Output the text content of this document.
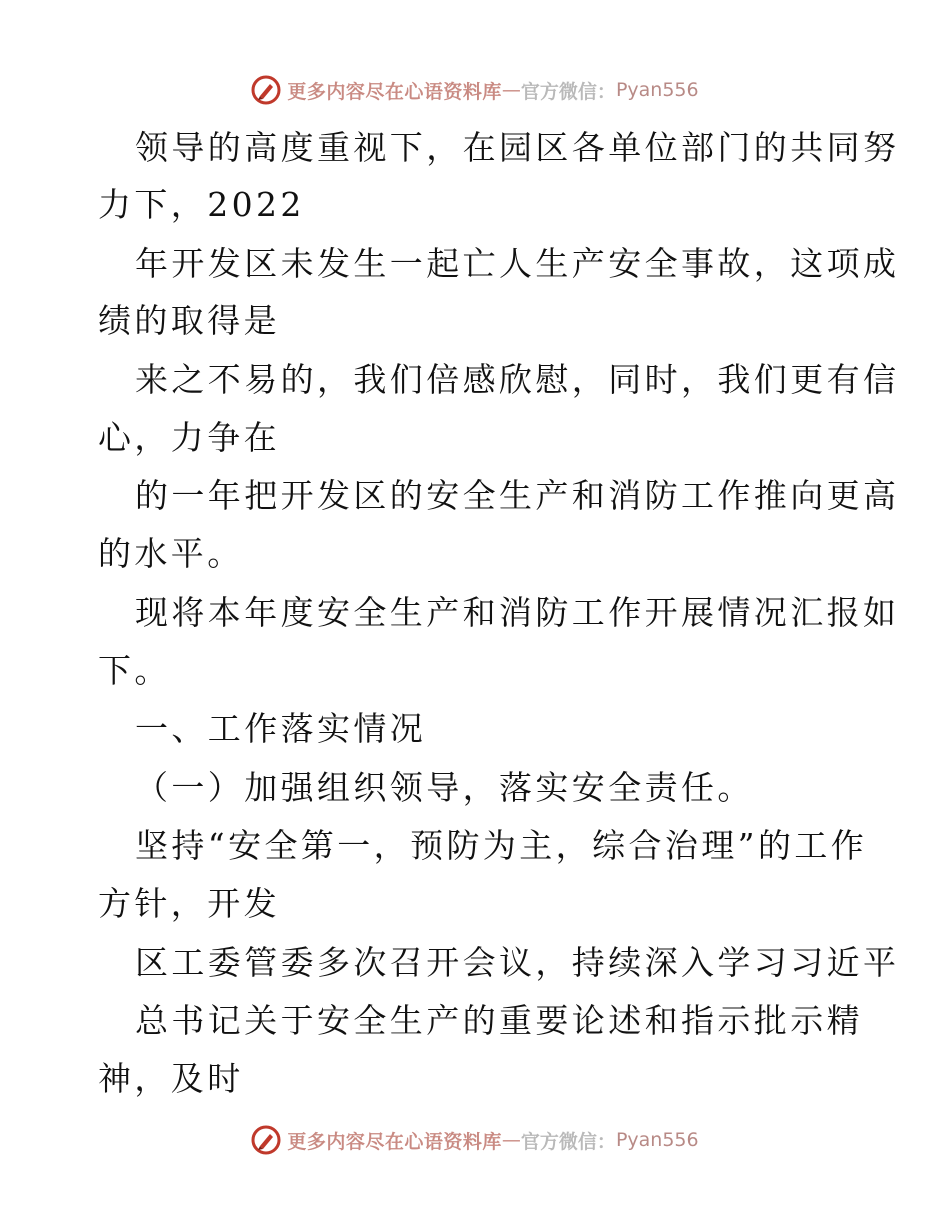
更多内容尽在心语资料库 — 官方微信： Pyan556
领导的高度重视下，在园区各单位部门的共同努
力下，2022
年开发区未发生一起亡人生产安全事故，这项成
绩的取得是
来之不易的，我们倍感欣慰，同时，我们更有信
心，力争在
的一年把开发区的安全生产和消防工作推向更高
的水平。
现将本年度安全生产和消防工作开展情况汇报如
下。
一、工作落实情况
（一）加强组织领导，落实安全责任。
坚持“安全第一，预防为主，综合治理”的工作
方针，开发
区工委管委多次召开会议，持续深入学习习近平
总书记关于安全生产的重要论述和指示批示精
神，及时
更多内容尽在心语资料库 — 官方微信： Pyan556
